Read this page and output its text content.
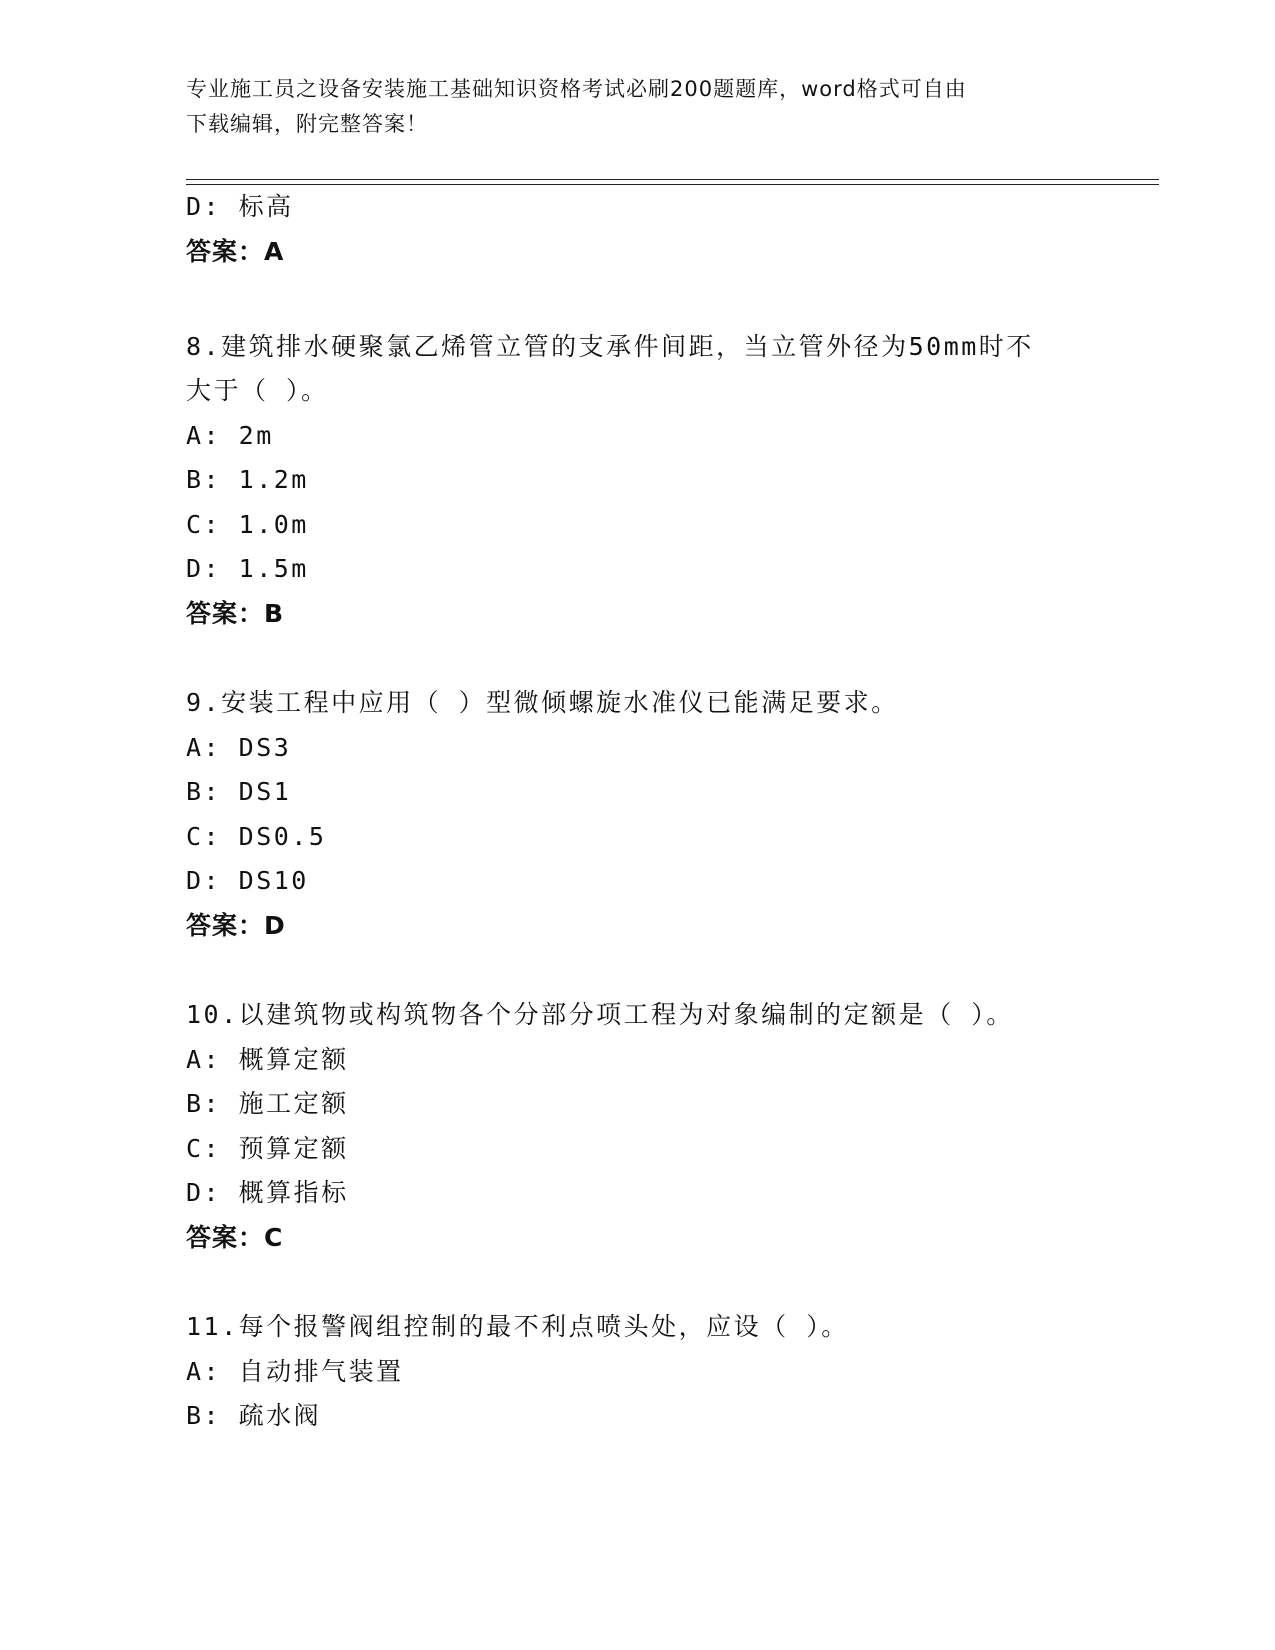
专业施工员之设备安装施工基础知识资格考试必刷200题题库，word格式可自由
下载编辑，附完整答案！
D: 标高
答案：A
8.建筑排水硬聚氯乙烯管立管的支承件间距，当立管外径为50mm时不
大于（ ）。
A: 2m
B: 1.2m
C: 1.0m
D: 1.5m
答案：B
9.安装工程中应用（ ）型微倾螺旋水准仪已能满足要求。
A: DS3
B: DS1
C: DS0.5
D: DS10
答案：D
10.以建筑物或构筑物各个分部分项工程为对象编制的定额是（ ）。
A: 概算定额
B: 施工定额
C: 预算定额
D: 概算指标
答案：C
11.每个报警阀组控制的最不利点喷头处，应设（ ）。
A: 自动排气装置
B: 疏水阀
